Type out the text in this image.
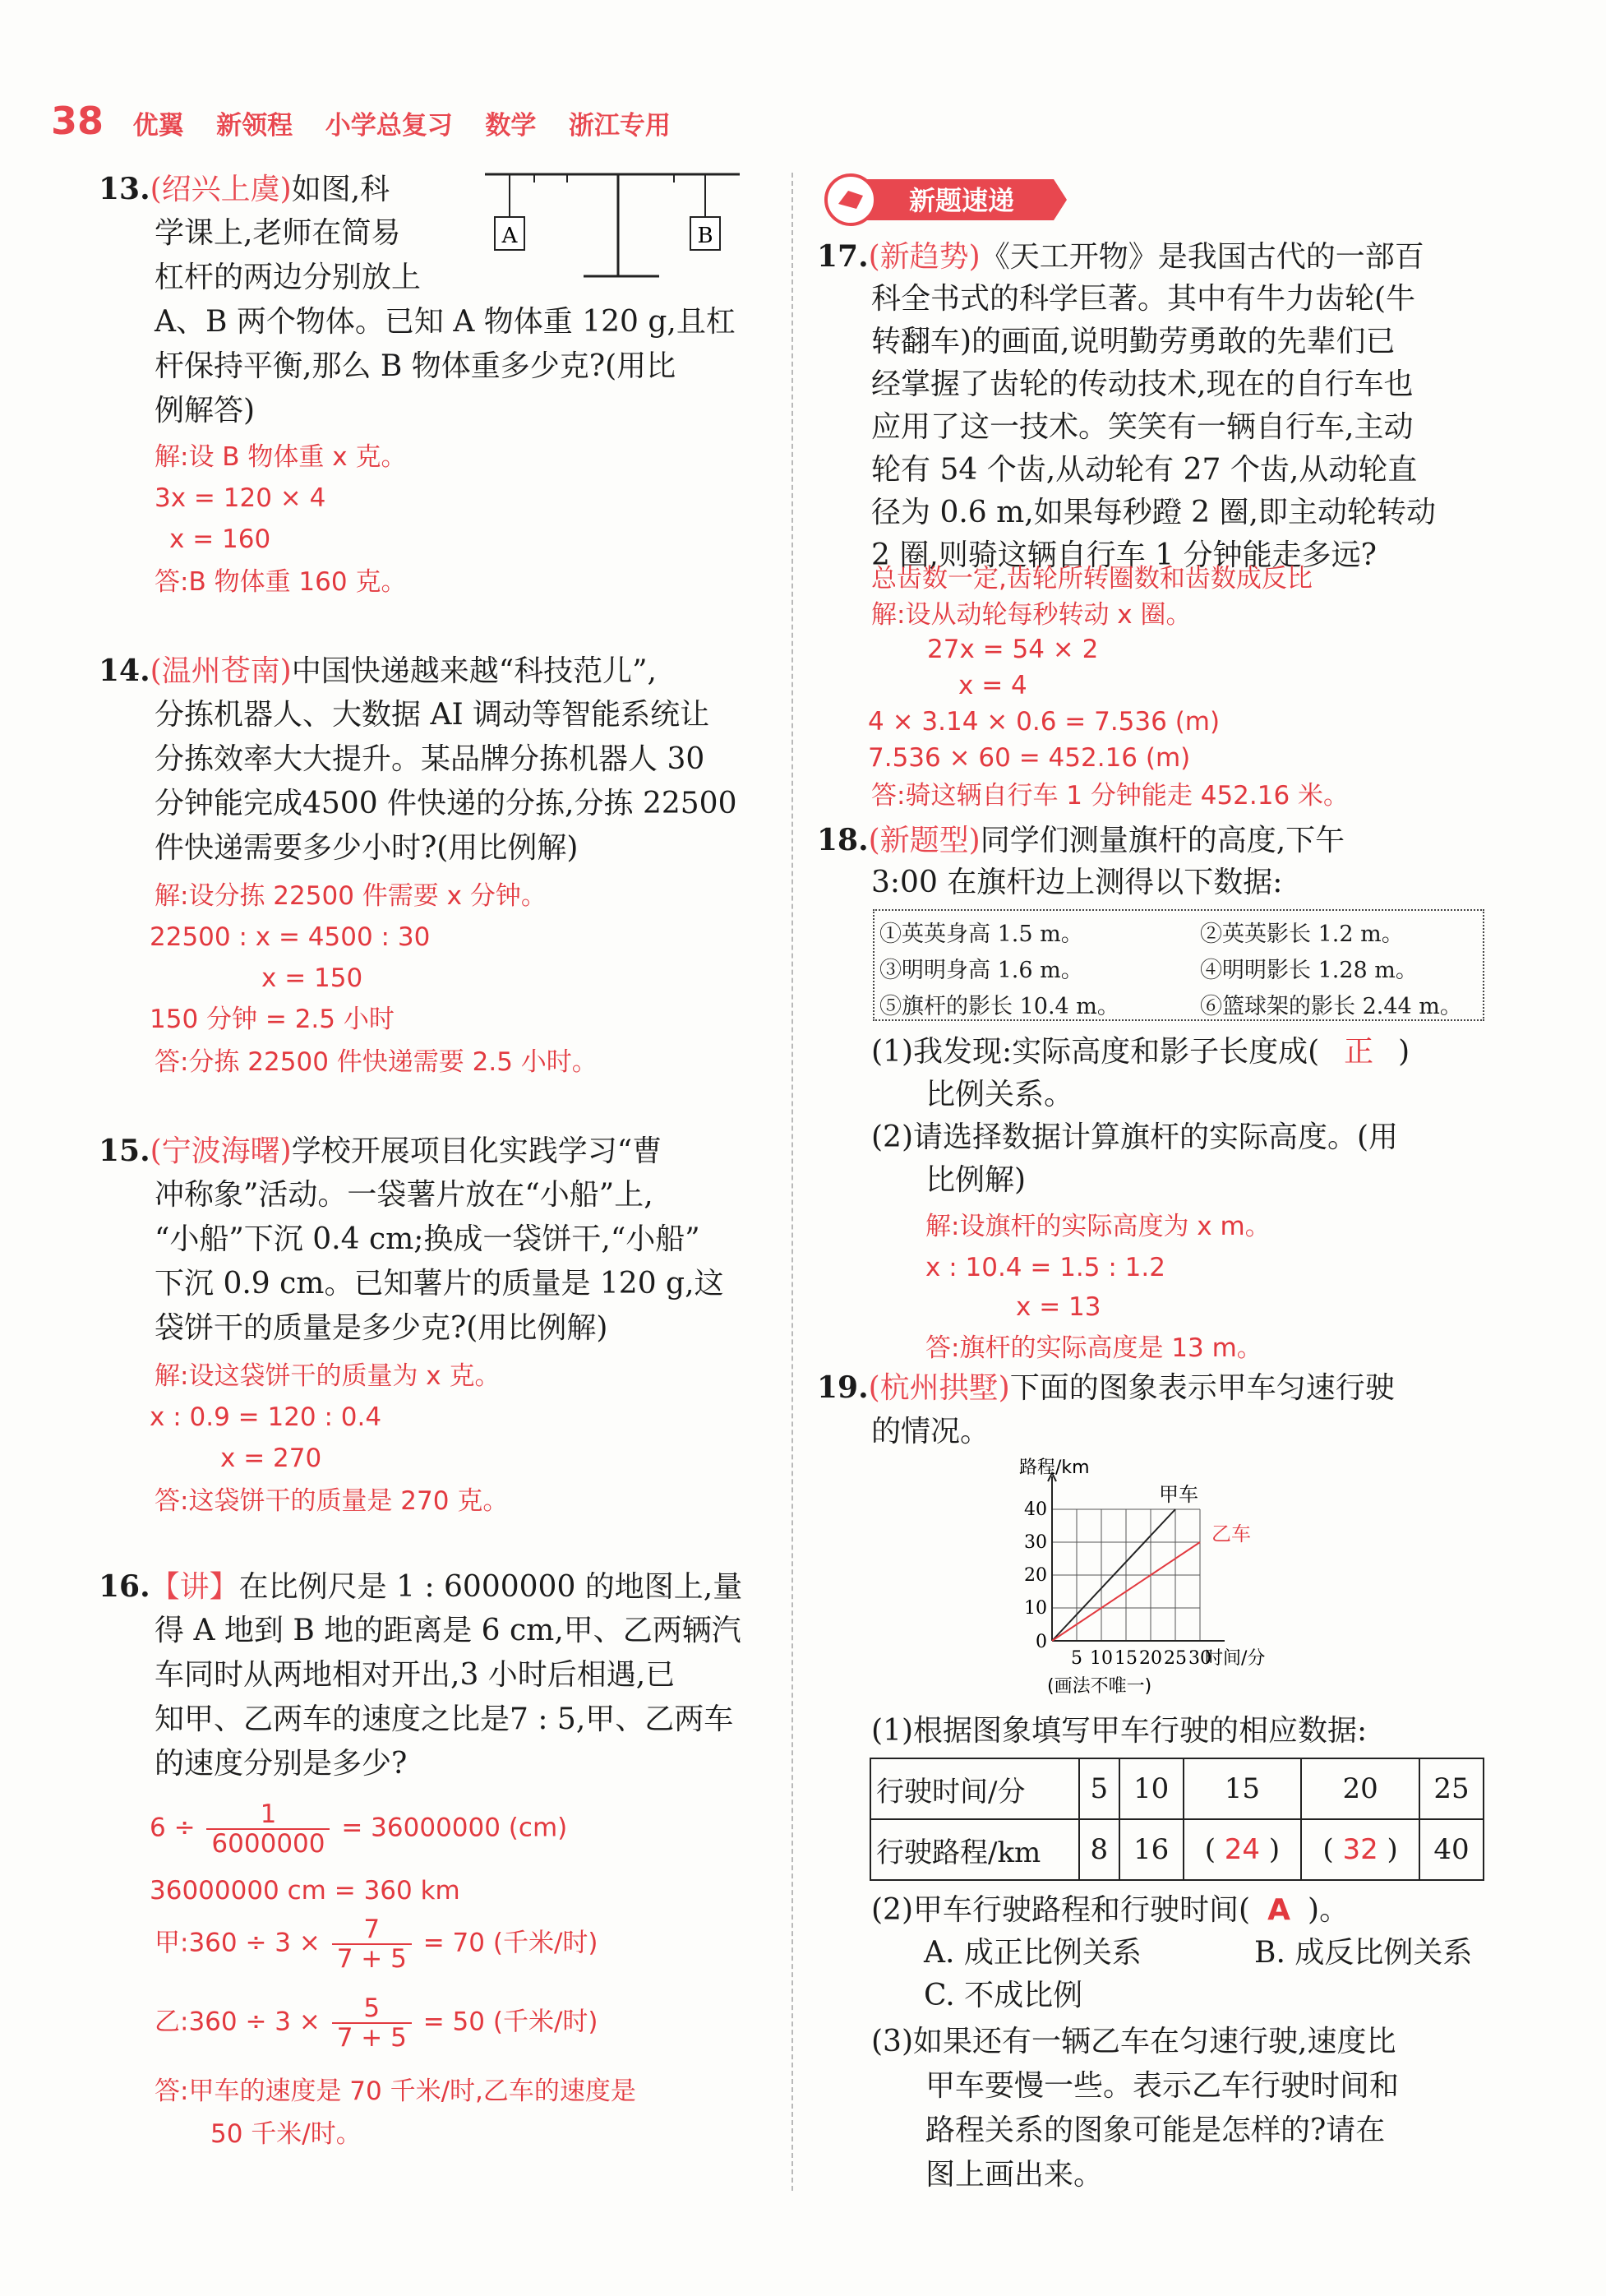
38 优翼 新领程 小学总复习 数学 浙江专用
13.(绍兴上虞)如图,科
学课上,老师在简易
杠杆的两边分别放上
A、B 两个物体。已知 A 物体重 120 g,且杠
杆保持平衡,那么 B 物体重多少克?(用比
例解答)
A	B
解:设 B 物体重 x 克。
3x = 120 × 4
x = 160
答:B 物体重 160 克。
14.(温州苍南)中国快递越来越“科技范儿”,
分拣机器人、大数据 AI 调动等智能系统让
分拣效率大大提升。某品牌分拣机器人 30
分钟能完成4500 件快递的分拣,分拣 22500
件快递需要多少小时?(用比例解)
解:设分拣 22500 件需要 x 分钟。
22500 : x = 4500 : 30
x = 150
150 分钟 = 2.5 小时
答:分拣 22500 件快递需要 2.5 小时。
15.(宁波海曙)学校开展项目化实践学习“曹
冲称象”活动。一袋薯片放在“小船”上,
“小船”下沉 0.4 cm;换成一袋饼干,“小船”
下沉 0.9 cm。已知薯片的质量是 120 g,这
袋饼干的质量是多少克?(用比例解)
解:设这袋饼干的质量为 x 克。
x : 0.9 = 120 : 0.4
x = 270
答:这袋饼干的质量是 270 克。
16.【讲】在比例尺是 1 : 6000000 的地图上,量
得 A 地到 B 地的距离是 6 cm,甲、乙两辆汽
车同时从两地相对开出,3 小时后相遇,已
知甲、乙两车的速度之比是7 : 5,甲、乙两车
的速度分别是多少?
$6 \div \frac{1}{6000000} = 36000000$ (cm)
36000000 cm = 360 km
甲:360 ÷ $3 \times \frac{7}{7 + 5} = 70$ (千米/时)
乙:360 ÷ $3 \times \frac{5}{7 + 5} = 50$ (千米/时)
答:甲车的速度是 70 千米/时,乙车的速度是
50 千米/时。
新题速递
17.(新趋势)《天工开物》是我国古代的一部百
科全书式的科学巨著。其中有牛力齿轮(牛
转翻车)的画面,说明勤劳勇敢的先辈们已
经掌握了齿轮的传动技术,现在的自行车也
应用了这一技术。笑笑有一辆自行车,主动
轮有 54 个齿,从动轮有 27 个齿,从动轮直
径为 0.6 m,如果每秒蹬 2 圈,即主动轮转动
2 圈,则骑这辆自行车 1 分钟能走多远?
总齿数一定,齿轮所转圈数和齿数成反比
解:设从动轮每秒转动 x 圈。
27x = 54 × 2
x = 4
4 × 3.14 × 0.6 = 7.536 (m)
7.536 × 60 = 452.16 (m)
答:骑这辆自行车 1 分钟能走 452.16 米。
18.(新题型)同学们测量旗杆的高度,下午
3:00 在旗杆边上测得以下数据:
①英英身高 1.5 m。	②英英影长 1.2 m。
③明明身高 1.6 m。	④明明影长 1.28 m。
⑤旗杆的影长 10.4 m。	⑥篮球架的影长 2.44 m。
(1)我发现:实际高度和影子长度成( 正 )
比例关系。
(2)请选择数据计算旗杆的实际高度。(用
比例解)
解:设旗杆的实际高度为 x m。
x : 10.4 = 1.5 : 1.2
x = 13
答:旗杆的实际高度是 13 m。
19.(杭州拱墅)下面的图象表示甲车匀速行驶
的情况。
5 10 15 20 25 30
10
20
30
40
0
路程/km
时间/分
甲车
乙车
(画法不唯一)
(1)根据图象填写甲车行驶的相应数据:
行驶时间/分	5	10	15	20	25
行驶路程/km	8	16	( 24 )	( 32 )	40
(2)甲车行驶路程和行驶时间( A )。
A. 成正比例关系	B. 成反比例关系
C. 不成比例
(3)如果还有一辆乙车在匀速行驶,速度比
甲车要慢一些。表示乙车行驶时间和
路程关系的图象可能是怎样的?请在
图上画出来。
